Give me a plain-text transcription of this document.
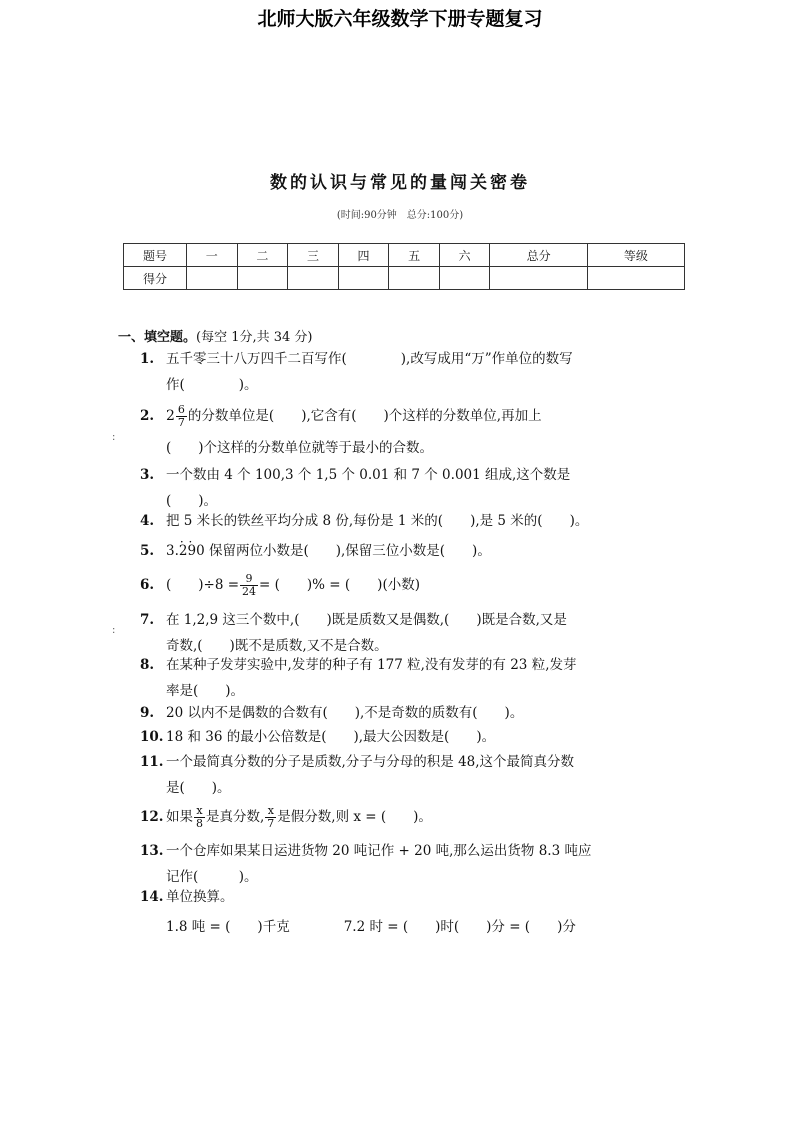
北师大版六年级数学下册专题复习
数的认识与常见的量闯关密卷
(时间:90分钟　总分:100分)
题号	一	二	三	四	五	六	总分	等级
得分								
一、填空题。(每空 1分,共 34 分)
:
:
1. 五千零三十八万四千二百写作(　　　　),改写成用“万”作单位的数写
作(　　　　)。
2. $2 \frac{6}{7}$ 的分数单位是(　　),它含有(　　)个这样的分数单位,再加上
(　　)个这样的分数单位就等于最小的合数。
3. 一个数由 4 个 100,3 个 1,5 个 0.01 和 7 个 0.001 组成,这个数是
(　　)。
4. 把 5 米长的铁丝平均分成 8 份,每份是 1 米的(　　),是 5 米的(　　)。
5. 3.2 ·9 ·0 保留两位小数是(　　),保留三位小数是(　　)。
6. (　　)$\div 8 = \frac{9}{24}$ = (　　)% = (　　)(小数)
7. 在 1,2,9 这三个数中,(　　)既是质数又是偶数,(　　)既是合数,又是
奇数,(　　)既不是质数,又不是合数。
8. 在某种子发芽实验中,发芽的种子有 177 粒,没有发芽的有 23 粒,发芽
率是(　　)。
9. 20 以内不是偶数的合数有(　　),不是奇数的质数有(　　)。
10. 18 和 36 的最小公倍数是(　　),最大公因数是(　　)。
11. 一个最简真分数的分子是质数,分子与分母的积是 48,这个最简真分数
是(　　)。
12. 如果 $\frac{x}{8}$ 是真分数, $\frac{x}{7}$ 是假分数,则 x = (　　)。
13. 一个仓库如果某日运进货物 20 吨记作 + 20 吨,那么运出货物 8.3 吨应
记作(　　　)。
14. 单位换算。
1.8 吨 = (　　)千克　　　　7.2 时 = (　　)时(　　)分 = (　　)分
